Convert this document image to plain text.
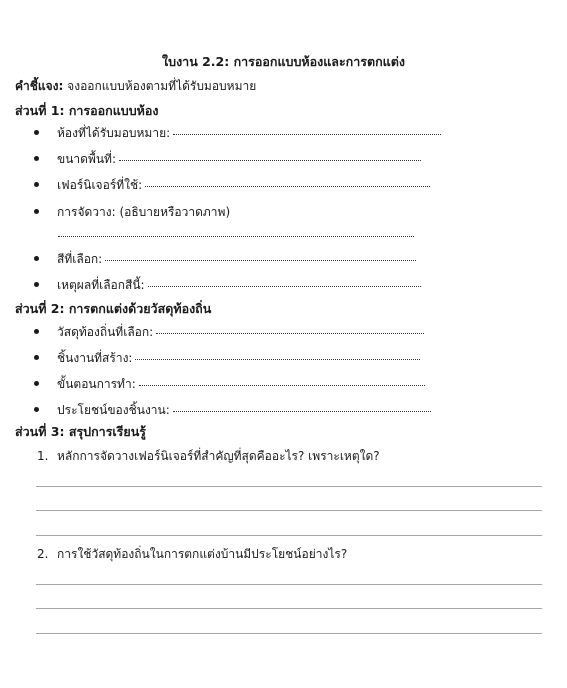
ใบงาน 2.2: การออกแบบห้องและการตกแต่ง
คำชี้แจง: จงออกแบบห้องตามที่ได้รับมอบหมาย
ส่วนที่ 1: การออกแบบห้อง
ห้องที่ได้รับมอบหมาย:
ขนาดพื้นที่:
เฟอร์นิเจอร์ที่ใช้:
การจัดวาง: (อธิบายหรือวาดภาพ)
สีที่เลือก:
เหตุผลที่เลือกสีนี้:
ส่วนที่ 2: การตกแต่งด้วยวัสดุท้องถิ่น
วัสดุท้องถิ่นที่เลือก:
ชิ้นงานที่สร้าง:
ขั้นตอนการทำ:
ประโยชน์ของชิ้นงาน:
ส่วนที่ 3: สรุปการเรียนรู้
1. หลักการจัดวางเฟอร์นิเจอร์ที่สำคัญที่สุดคืออะไร? เพราะเหตุใด?
2. การใช้วัสดุท้องถิ่นในการตกแต่งบ้านมีประโยชน์อย่างไร?
